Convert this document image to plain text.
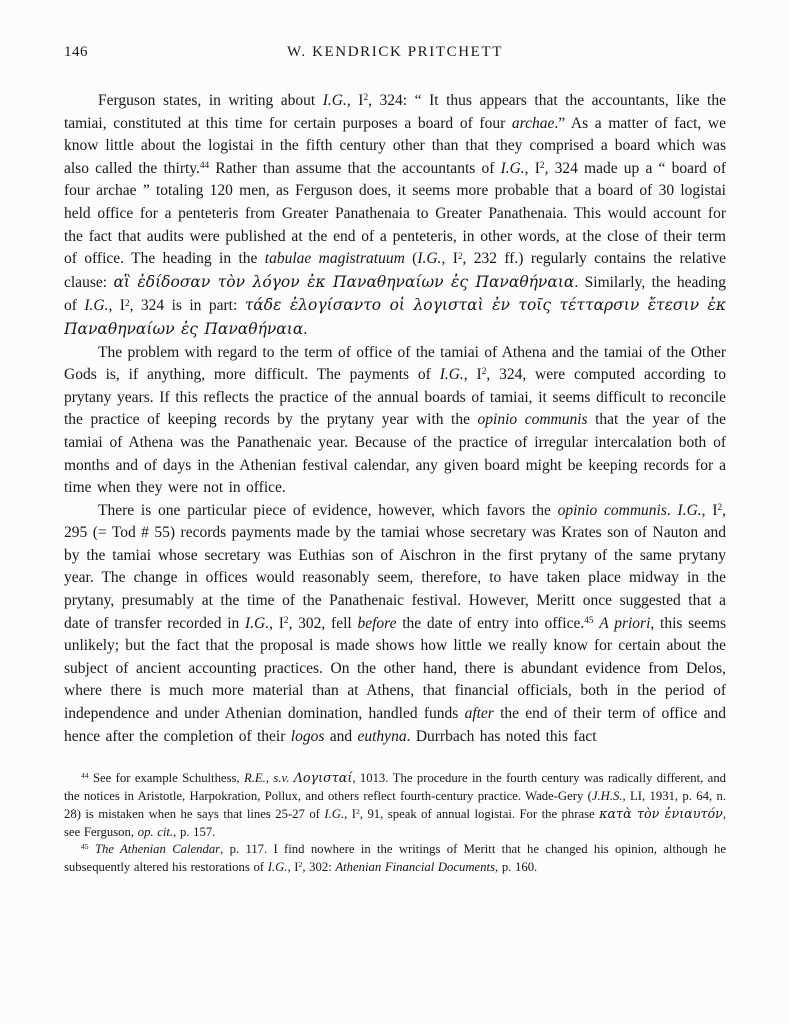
146	W. KENDRICK PRITCHETT

Ferguson states, in writing about I.G., $I^2$, 324: “ It thus appears that the accountants, like the tamiai, constituted at this time for certain purposes a board of four archae.” As a matter of fact, we know little about the logistai in the fifth century other than that they comprised a board which was also called the thirty.$^{44}$ Rather than assume that the accountants of I.G., $I^2$, 324 made up a “ board of four archae ” totaling 120 men, as Ferguson does, it seems more probable that a board of 30 logistai held office for a penteteris from Greater Panathenaia to Greater Panathenaia. This would account for the fact that audits were published at the end of a penteteris, in other words, at the close of their term of office. The heading in the tabulae magistratuum (I.G., $I^2$, 232 ff.) regularly contains the relative clause: αἳ ἐδίδοσαν τὸν λόγον ἐκ Παναθηναίων ἐς Παναθήναια. Similarly, the heading of I.G., $I^2$, 324 is in part: τάδε ἐλογίσαντο οἱ λογισταὶ ἐν τοῖς τέτταρσιν ἔτεσιν ἐκ Παναθηναίων ἐς Παναθήναια.

The problem with regard to the term of office of the tamiai of Athena and the tamiai of the Other Gods is, if anything, more difficult. The payments of I.G., $I^2$, 324, were computed according to prytany years. If this reflects the practice of the annual boards of tamiai, it seems difficult to reconcile the practice of keeping records by the prytany year with the opinio communis that the year of the tamiai of Athena was the Panathenaic year. Because of the practice of irregular intercalation both of months and of days in the Athenian festival calendar, any given board might be keeping records for a time when they were not in office.

There is one particular piece of evidence, however, which favors the opinio communis. I.G., $I^2$, 295 (= Tod # 55) records payments made by the tamiai whose secretary was Krates son of Nauton and by the tamiai whose secretary was Euthias son of Aischron in the first prytany of the same prytany year. The change in offices would reasonably seem, therefore, to have taken place midway in the prytany, presumably at the time of the Panathenaic festival. However, Meritt once suggested that a date of transfer recorded in I.G., $I^2$, 302, fell before the date of entry into office.$^{45}$ A priori, this seems unlikely; but the fact that the proposal is made shows how little we really know for certain about the subject of ancient accounting practices. On the other hand, there is abundant evidence from Delos, where there is much more material than at Athens, that financial officials, both in the period of independence and under Athenian domination, handled funds after the end of their term of office and hence after the completion of their logos and euthyna. Durrbach has noted this fact

$^{44}$ See for example Schulthess, R.E., s.v. Λογισταί, 1013. The procedure in the fourth century was radically different, and the notices in Aristotle, Harpokration, Pollux, and others reflect fourth-century practice. Wade-Gery (J.H.S., LI, 1931, p. 64, n. 28) is mistaken when he says that lines 25-27 of I.G., $I^2$, 91, speak of annual logistai. For the phrase κατὰ τὸν ἐνιαυτόν, see Ferguson, op. cit., p. 157.

$^{45}$ The Athenian Calendar, p. 117. I find nowhere in the writings of Meritt that he changed his opinion, although he subsequently altered his restorations of I.G., $I^2$, 302: Athenian Financial Documents, p. 160.
